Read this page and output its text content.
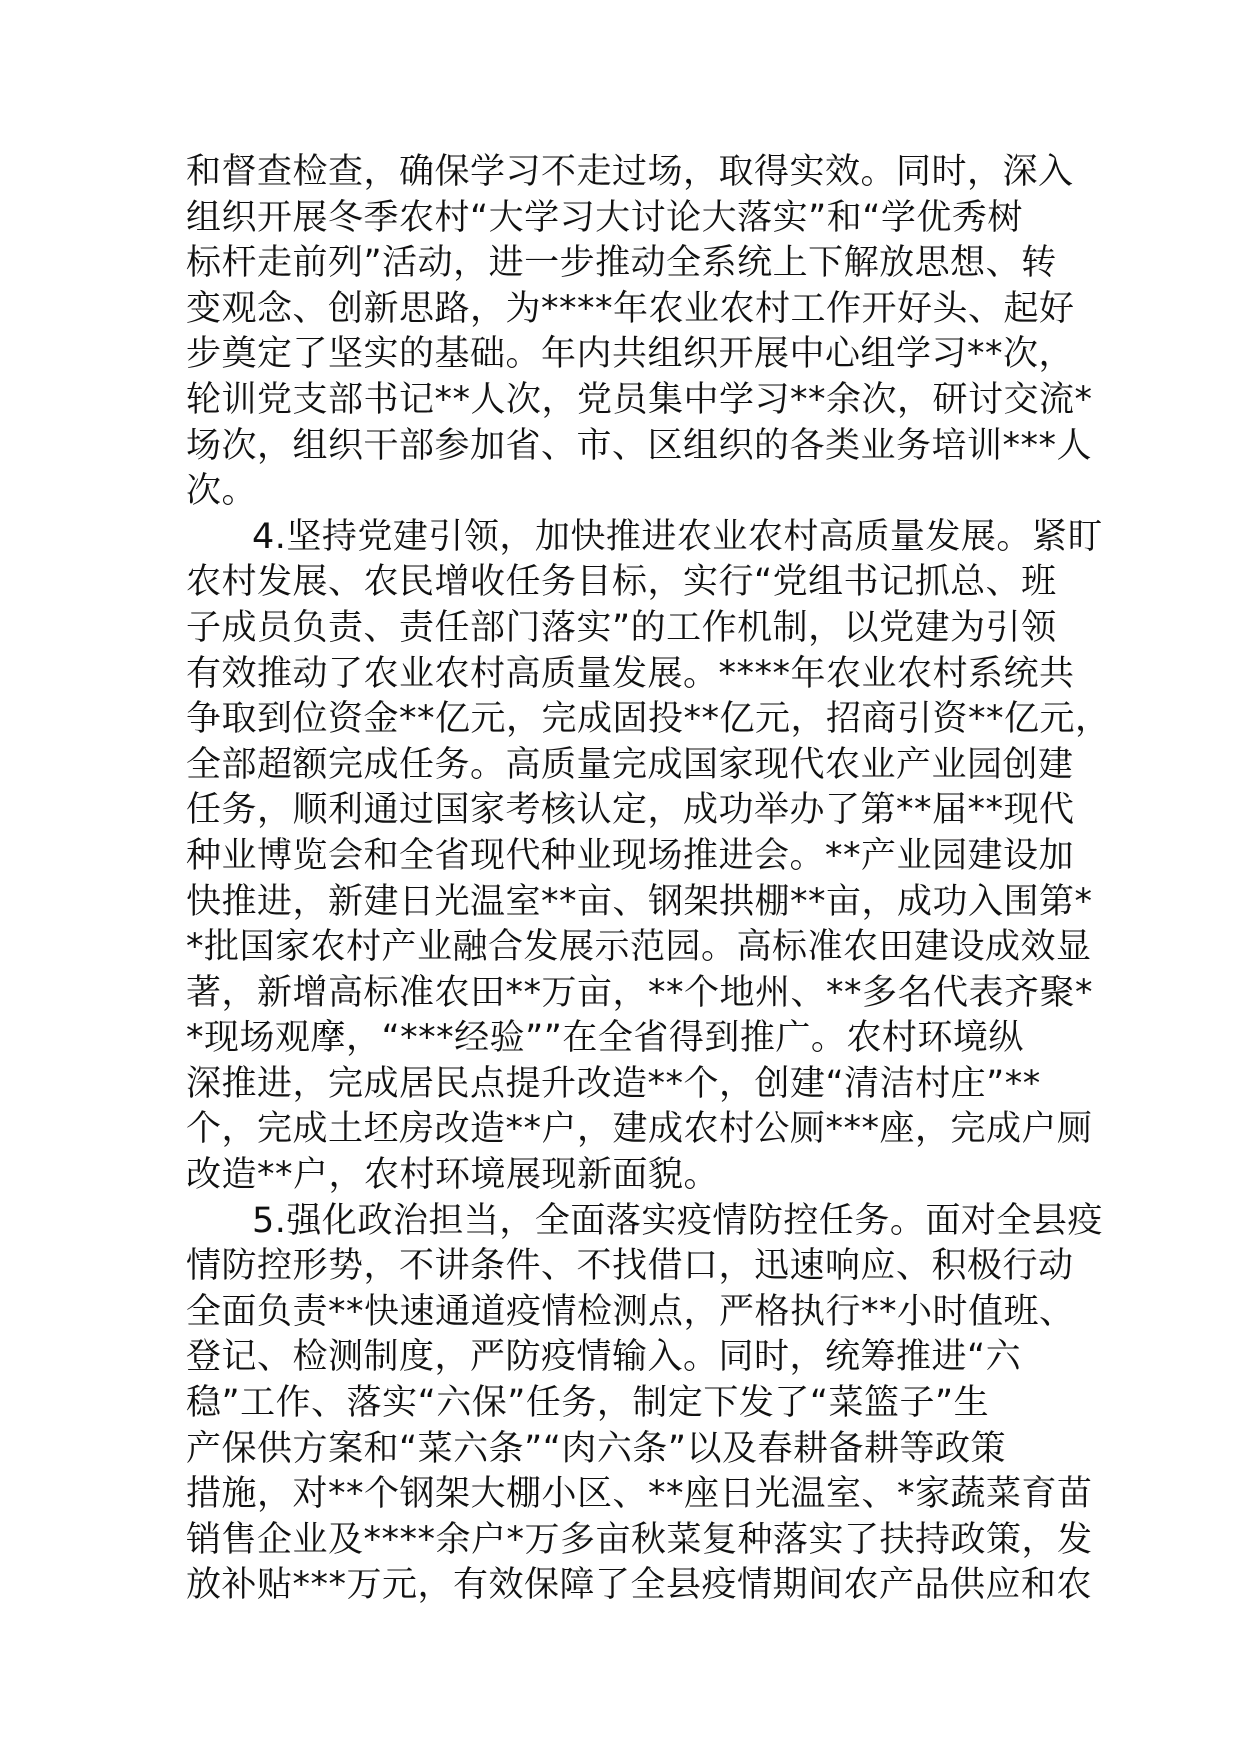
和督查检查，确保学习不走过场，取得实效。同时，深入
组织开展冬季农村“大学习大讨论大落实”和“学优秀树
标杆走前列”活动，进一步推动全系统上下解放思想、转
变观念、创新思路，为****年农业农村工作开好头、起好
步奠定了坚实的基础。年内共组织开展中心组学习**次，
轮训党支部书记**人次，党员集中学习**余次，研讨交流*
场次，组织干部参加省、市、区组织的各类业务培训***人
次。
4.坚持党建引领，加快推进农业农村高质量发展。紧盯
农村发展、农民增收任务目标，实行“党组书记抓总、班
子成员负责、责任部门落实”的工作机制，以党建为引领
有效推动了农业农村高质量发展。****年农业农村系统共
争取到位资金**亿元，完成固投**亿元，招商引资**亿元，
全部超额完成任务。高质量完成国家现代农业产业园创建
任务，顺利通过国家考核认定，成功举办了第**届**现代
种业博览会和全省现代种业现场推进会。**产业园建设加
快推进，新建日光温室**亩、钢架拱棚**亩，成功入围第*
*批国家农村产业融合发展示范园。高标准农田建设成效显
著，新增高标准农田**万亩，**个地州、**多名代表齐聚*
*现场观摩，“***经验””在全省得到推广。农村环境纵
深推进，完成居民点提升改造**个，创建“清洁村庄”**
个，完成土坯房改造**户，建成农村公厕***座，完成户厕
改造**户，农村环境展现新面貌。
5.强化政治担当，全面落实疫情防控任务。面对全县疫
情防控形势，不讲条件、不找借口，迅速响应、积极行动
全面负责**快速通道疫情检测点，严格执行**小时值班、
登记、检测制度，严防疫情输入。同时，统筹推进“六
稳”工作、落实“六保”任务，制定下发了“菜篮子”生
产保供方案和“菜六条”“肉六条”以及春耕备耕等政策
措施，对**个钢架大棚小区、**座日光温室、*家蔬菜育苗
销售企业及****余户*万多亩秋菜复种落实了扶持政策，发
放补贴***万元，有效保障了全县疫情期间农产品供应和农
